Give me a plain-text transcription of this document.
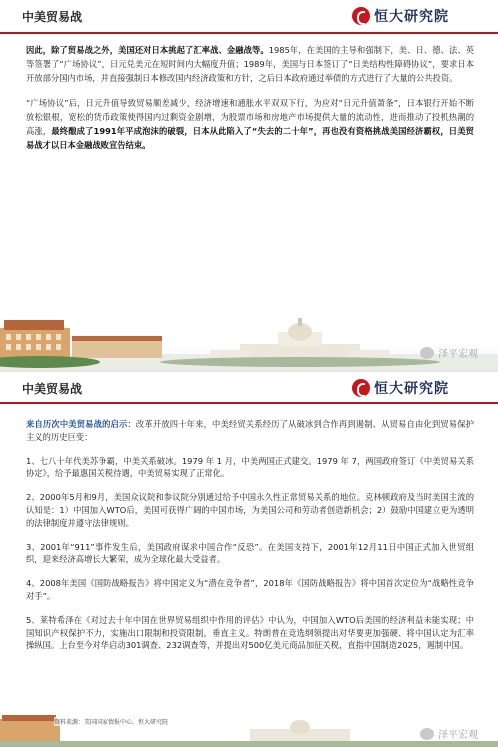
中美贸易战	恒大研究院

因此，除了贸易战之外，美国还对日本挑起了汇率战、金融战等。1985年，在美国的主导和强制下，美、日、德、法、英等签署了“广场协议”，日元兑美元在短时间内大幅度升值；1989年，美国与日本签订了“日美结构性障碍协议”，要求日本开放部分国内市场，并直接强制日本修改国内经济政策和方针，之后日本政府通过举债的方式进行了大量的公共投资。

“广场协议”后，日元升值导致贸易顺差减少，经济增速和通胀水平双双下行，为应对“日元升值萧条”，日本银行开始不断放松银根，宽松的货币政策使得国内过剩资金剧增，为股票市场和房地产市场提供大量的流动性，进而推动了投机热潮的高涨，最终酿成了1991年平成泡沫的破裂，日本从此陷入了“失去的二十年”，再也没有资格挑战美国经济霸权，日美贸易战才以日本金融战败宣告结束。

泽平宏观
中美贸易战	恒大研究院

来自历次中美贸易战的启示：改革开放四十年来，中美经贸关系经历了从破冰到合作再到遏制、从贸易自由化到贸易保护主义的历史巨变：

1、七八十年代美苏争霸，中美关系破冰。1979 年 1 月，中美两国正式建交。1979 年 7，两国政府签订《中美贸易关系协定》，给予最惠国关税待遇，中美贸易实现了正常化。

2、2000年5月和9月，美国众议院和参议院分别通过给予中国永久性正常贸易关系的地位。克林顿政府及当时美国主流的认知是：1）中国加入WTO后，美国可获得广阔的中国市场，为美国公司和劳动者创造新机会；2）鼓励中国建立更为透明的法律制度并遵守法律规则。

3、2001年“911”事件发生后，美国政府谋求中国合作“反恐”。在美国支持下，2001年12月11日中国正式加入世贸组织，迎来经济高增长大繁荣，成为全球化最大受益者。

4、2008年美国《国防战略报告》将中国定义为“潜在竞争者”，2018年《国防战略报告》将中国首次定位为“战略性竞争对手”。

5、莱特希泽在《对过去十年中国在世界贸易组织中作用的评估》中认为，中国加入WTO后美国的经济利益未能实现；中国知识产权保护不力，实施出口限制和投资限制，垂直主义。特朗普在竞选纲领提出对华要更加强硬、将中国认定为汇率操纵国。上台至今对华启动301调查、232调查等，并提出对500亿美元商品加征关税，直指中国制造2025，遏制中国。

资料来源：美国国家情报中心，恒大研究院
泽平宏观
